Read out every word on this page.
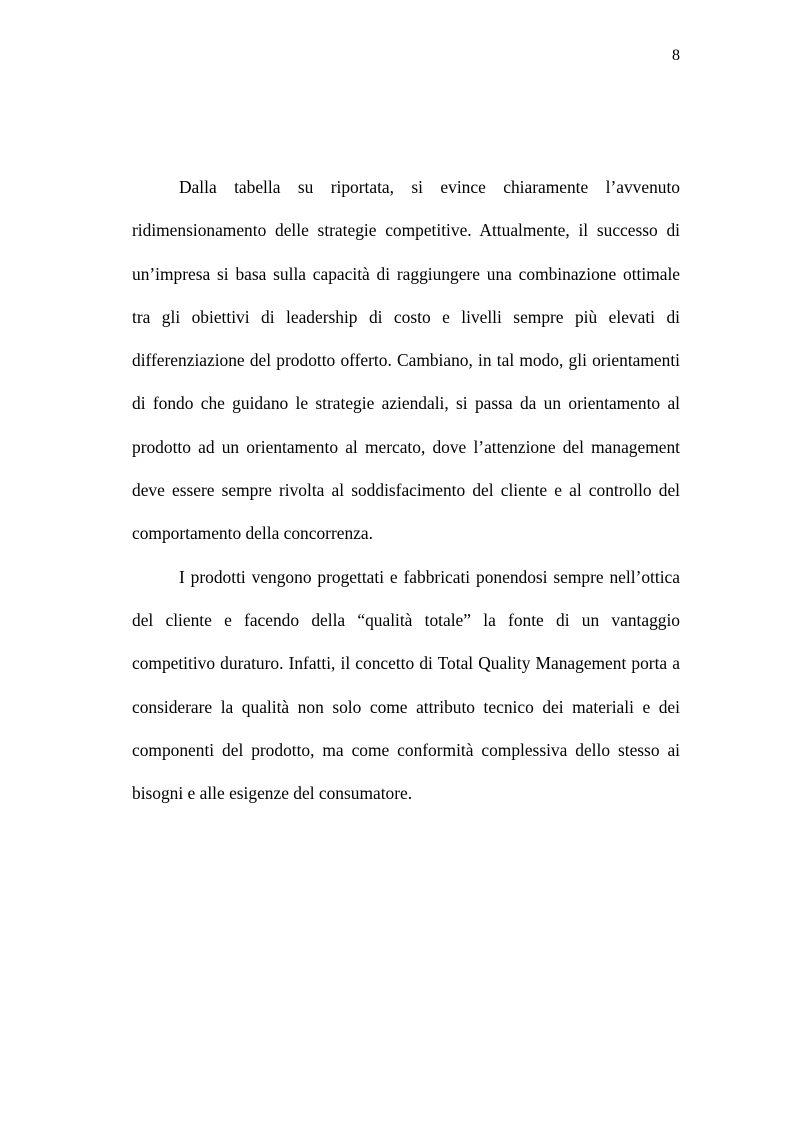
8

Dalla tabella su riportata, si evince chiaramente l’avvenuto ridimensionamento delle strategie competitive. Attualmente, il successo di un’impresa si basa sulla capacità di raggiungere una combinazione ottimale tra gli obiettivi di leadership di costo e livelli sempre più elevati di differenziazione del prodotto offerto. Cambiano, in tal modo, gli orientamenti di fondo che guidano le strategie aziendali, si passa da un orientamento al prodotto ad un orientamento al mercato, dove l’attenzione del management deve essere sempre rivolta al soddisfacimento del cliente e al controllo del comportamento della concorrenza.

I prodotti vengono progettati e fabbricati ponendosi sempre nell’ottica del cliente e facendo della “qualità totale” la fonte di un vantaggio competitivo duraturo. Infatti, il concetto di Total Quality Management porta a considerare la qualità non solo come attributo tecnico dei materiali e dei componenti del prodotto, ma come conformità complessiva dello stesso ai bisogni e alle esigenze del consumatore.
